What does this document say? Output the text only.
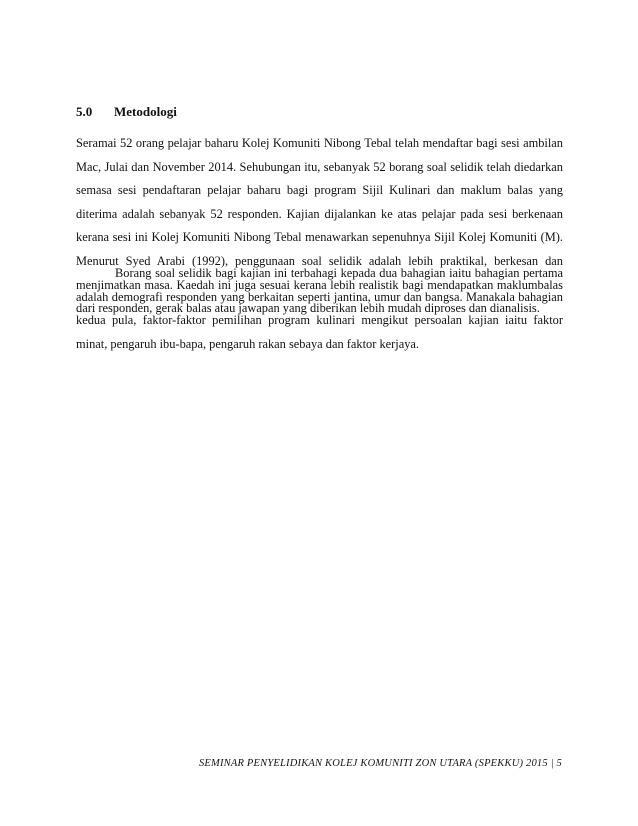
5.0 Metodologi

Seramai 52 orang pelajar baharu Kolej Komuniti Nibong Tebal telah mendaftar bagi sesi ambilan Mac, Julai dan November 2014. Sehubungan itu, sebanyak 52 borang soal selidik telah diedarkan semasa sesi pendaftaran pelajar baharu bagi program Sijil Kulinari dan maklum balas yang diterima adalah sebanyak 52 responden. Kajian dijalankan ke atas pelajar pada sesi berkenaan kerana sesi ini Kolej Komuniti Nibong Tebal menawarkan sepenuhnya Sijil Kolej Komuniti (M). Menurut Syed Arabi (1992), penggunaan soal selidik adalah lebih praktikal, berkesan dan menjimatkan masa. Kaedah ini juga sesuai kerana lebih realistik bagi mendapatkan maklumbalas dari responden, gerak balas atau jawapan yang diberikan lebih mudah diproses dan dianalisis.

Borang soal selidik bagi kajian ini terbahagi kepada dua bahagian iaitu bahagian pertama adalah demografi responden yang berkaitan seperti jantina, umur dan bangsa. Manakala bahagian kedua pula, faktor-faktor pemilihan program kulinari mengikut persoalan kajian iaitu faktor minat, pengaruh ibu-bapa, pengaruh rakan sebaya dan faktor kerjaya.

SEMINAR PENYELIDIKAN KOLEJ KOMUNITI ZON UTARA (SPEKKU) 2015 | 5
